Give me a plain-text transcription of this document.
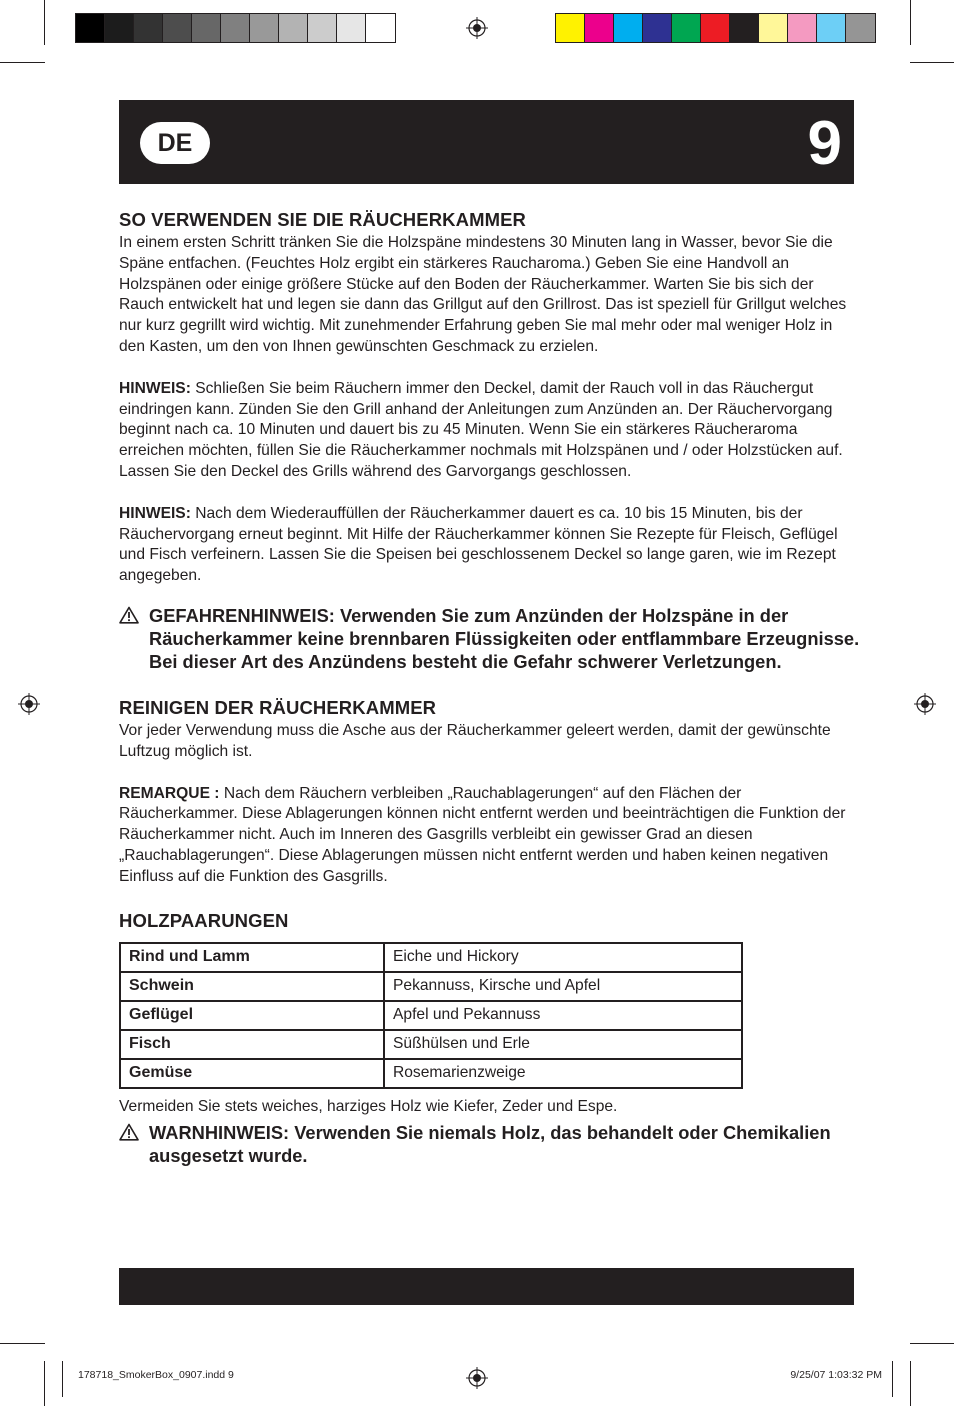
DE	9
SO VERWENDEN SIE DIE RÄUCHERKAMMER

In einem ersten Schritt tränken Sie die Holzspäne mindestens 30 Minuten lang in Wasser, bevor Sie die Späne entfachen. (Feuchtes Holz ergibt ein stärkeres Raucharoma.) Geben Sie eine Handvoll an Holzspänen oder einige größere Stücke auf den Boden der Räucherkammer. Warten Sie bis sich der Rauch entwickelt hat und legen sie dann das Grillgut auf den Grillrost. Das ist speziell für Grillgut welches nur kurz gegrillt wird wichtig. Mit zunehmender Erfahrung geben Sie mal mehr oder mal weniger Holz in den Kasten, um den von Ihnen gewünschten Geschmack zu erzielen.

HINWEIS: Schließen Sie beim Räuchern immer den Deckel, damit der Rauch voll in das Räuchergut eindringen kann. Zünden Sie den Grill anhand der Anleitungen zum Anzünden an. Der Räuchervorgang beginnt nach ca. 10 Minuten und dauert bis zu 45 Minuten. Wenn Sie ein stärkeres Räucheraroma erreichen möchten, füllen Sie die Räucherkammer nochmals mit Holzspänen und / oder Holzstücken auf. Lassen Sie den Deckel des Grills während des Garvorgangs geschlossen.

HINWEIS: Nach dem Wiederauffüllen der Räucherkammer dauert es ca. 10 bis 15 Minuten, bis der Räuchervorgang erneut beginnt. Mit Hilfe der Räucherkammer können Sie Rezepte für Fleisch, Geflügel und Fisch verfeinern. Lassen Sie die Speisen bei geschlossenem Deckel so lange garen, wie im Rezept angegeben.

GEFAHRENHINWEIS: Verwenden Sie zum Anzünden der Holzspäne in der Räucherkammer keine brennbaren Flüssigkeiten oder entflammbare Erzeugnisse. Bei dieser Art des Anzündens besteht die Gefahr schwerer Verletzungen.
REINIGEN DER RÄUCHERKAMMER

Vor jeder Verwendung muss die Asche aus der Räucherkammer geleert werden, damit der gewünschte Luftzug möglich ist.

REMARQUE : Nach dem Räuchern verbleiben „Rauchablagerungen“ auf den Flächen der Räucherkammer. Diese Ablagerungen können nicht entfernt werden und beeinträchtigen die Funktion der Räucherkammer nicht. Auch im Inneren des Gasgrills verbleibt ein gewisser Grad an diesen „Rauchablagerungen“. Diese Ablagerungen müssen nicht entfernt werden und haben keinen negativen Einfluss auf die Funktion des Gasgrills.

HOLZPAARUNGEN
Rind und Lamm	Eiche und Hickory
Schwein	Pekannuss, Kirsche und Apfel
Geflügel	Apfel und Pekannuss
Fisch	Süßhülsen und Erle
Gemüse	Rosemarienzweige

Vermeiden Sie stets weiches, harziges Holz wie Kiefer, Zeder und Espe.

WARNHINWEIS: Verwenden Sie niemals Holz, das behandelt oder Chemikalien ausgesetzt wurde.
178718_SmokerBox_0907.indd 9	9/25/07 1:03:32 PM
